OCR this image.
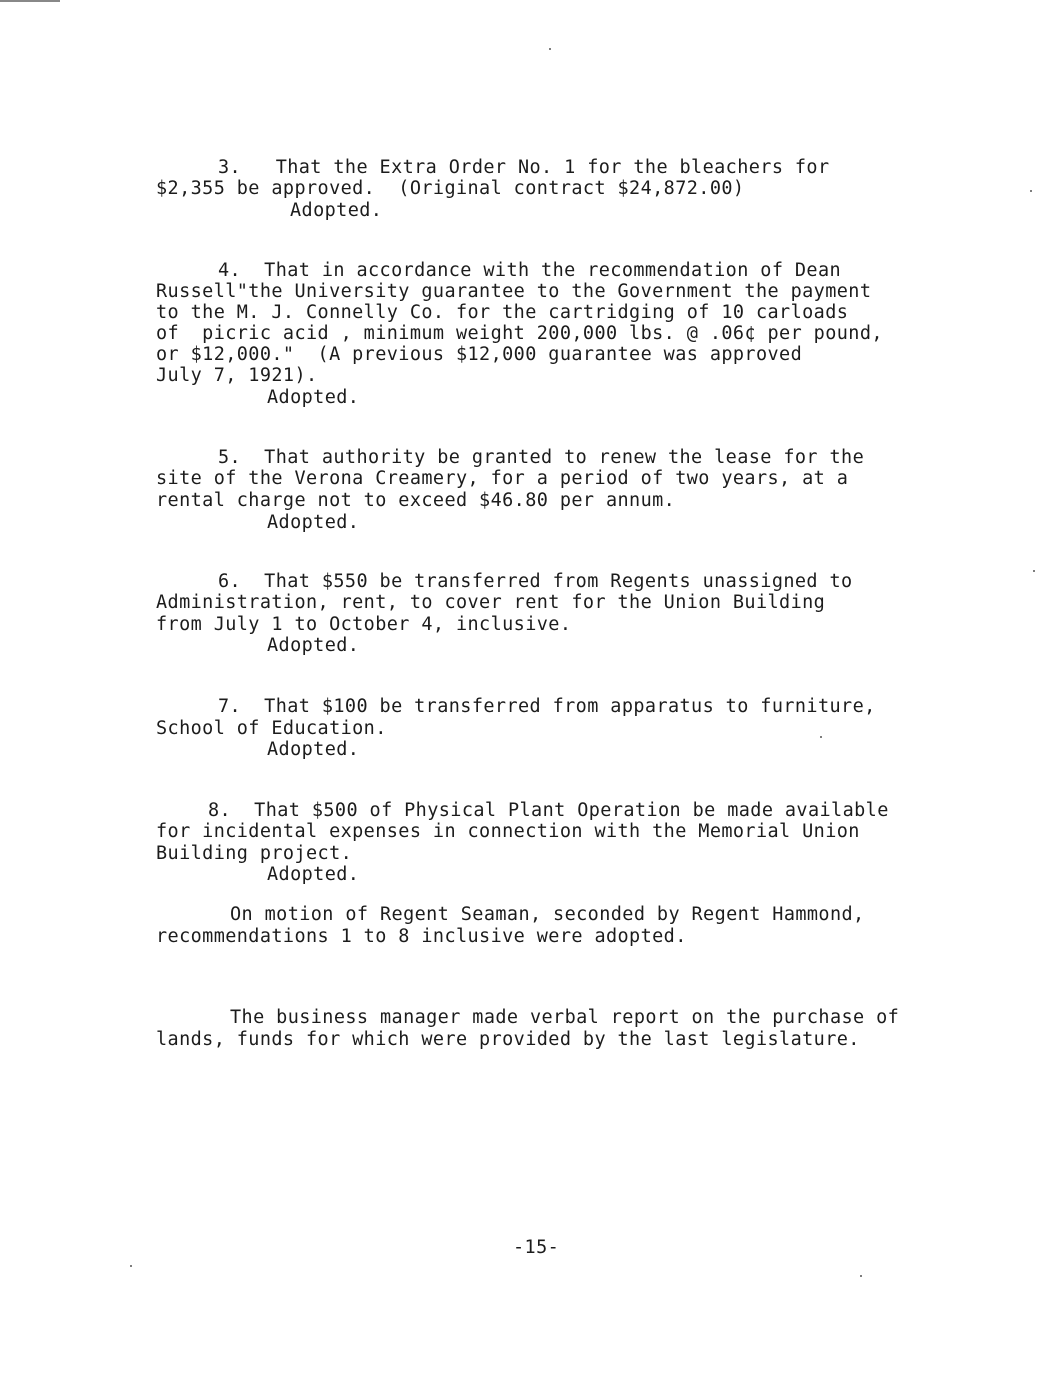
3.   That the Extra Order No. 1 for the bleachers for
$2,355 be approved.  (Original contract $24,872.00)
Adopted.
4.  That in accordance with the recommendation of Dean
Russell"the University guarantee to the Government the payment
to the M. J. Connelly Co. for the cartridging of 10 carloads
of  picric acid , minimum weight 200,000 lbs. @ .06¢ per pound,
or $12,000."  (A previous $12,000 guarantee was approved
July 7, 1921).
Adopted.
5.  That authority be granted to renew the lease for the
site of the Verona Creamery, for a period of two years, at a
rental charge not to exceed $46.80 per annum.
Adopted.
6.  That $550 be transferred from Regents unassigned to
Administration, rent, to cover rent for the Union Building
from July 1 to October 4, inclusive.
Adopted.
7.  That $100 be transferred from apparatus to furniture,
School of Education.
Adopted.
8.  That $500 of Physical Plant Operation be made available
for incidental expenses in connection with the Memorial Union
Building project.
Adopted.
On motion of Regent Seaman, seconded by Regent Hammond,
recommendations 1 to 8 inclusive were adopted.
The business manager made verbal report on the purchase of
lands, funds for which were provided by the last legislature.
-15-
